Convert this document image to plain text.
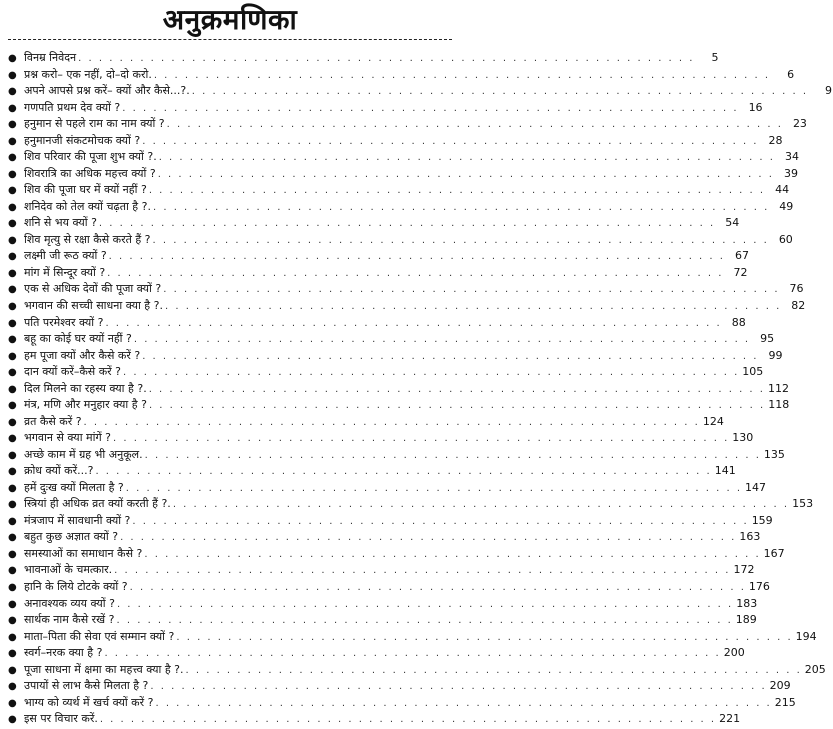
अनुक्रमणिका
● विनम्र निवेदन . . . . . . . . . . . . . . . . . . . . . . . . . . . . . . . . . . . . . . . . . . . . . . . . . . . . . . . . . . . .	5
● प्रश्न करो– एक नहीं, दो–दो करो. . . . . . . . . . . . . . . . . . . . . . . . . . . . . . . . . . . . . . . . . . . . . . . . . . . . . . . . . . . . .	6
● अपने आपसे प्रश्न करें– क्यों और कैसे...?. . . . . . . . . . . . . . . . . . . . . . . . . . . . . . . . . . . . . . . . . . . . . . . . . . . . . . . . . . . . .	9
● गणपति प्रथम देव क्यों ? . . . . . . . . . . . . . . . . . . . . . . . . . . . . . . . . . . . . . . . . . . . . . . . . . . . . . . . . . . . . 16
● हनुमान से पहले राम का नाम क्यों ? . . . . . . . . . . . . . . . . . . . . . . . . . . . . . . . . . . . . . . . . . . . . . . . . . . . . . . . . . . . . 23
● हनुमानजी संकटमोचक क्यों ? . . . . . . . . . . . . . . . . . . . . . . . . . . . . . . . . . . . . . . . . . . . . . . . . . . . . . . . . . . . . 28
● शिव परिवार की पूजा शुभ क्यों ?. . . . . . . . . . . . . . . . . . . . . . . . . . . . . . . . . . . . . . . . . . . . . . . . . . . . . . . . . . . . . 34
● शिवरात्रि का अधिक महत्त्व क्यों ? . . . . . . . . . . . . . . . . . . . . . . . . . . . . . . . . . . . . . . . . . . . . . . . . . . . . . . . . . . . . 39
● शिव की पूजा घर में क्यों नहीं ? . . . . . . . . . . . . . . . . . . . . . . . . . . . . . . . . . . . . . . . . . . . . . . . . . . . . . . . . . . . . 44
● शनिदेव को तेल क्यों चढ़ता है ?. . . . . . . . . . . . . . . . . . . . . . . . . . . . . . . . . . . . . . . . . . . . . . . . . . . . . . . . . . . . . 49
● शनि से भय क्यों ? . . . . . . . . . . . . . . . . . . . . . . . . . . . . . . . . . . . . . . . . . . . . . . . . . . . . . . . . . . . . 54
● शिव मृत्यु से रक्षा कैसे करते हैं ? . . . . . . . . . . . . . . . . . . . . . . . . . . . . . . . . . . . . . . . . . . . . . . . . . . . . . . . . . . . . 60
● लक्ष्मी जी रूठ क्यों ? . . . . . . . . . . . . . . . . . . . . . . . . . . . . . . . . . . . . . . . . . . . . . . . . . . . . . . . . . . . . 67
● मांग में सिन्दूर क्यों ? . . . . . . . . . . . . . . . . . . . . . . . . . . . . . . . . . . . . . . . . . . . . . . . . . . . . . . . . . . . . 72
● एक से अधिक देवों की पूजा क्यों ? . . . . . . . . . . . . . . . . . . . . . . . . . . . . . . . . . . . . . . . . . . . . . . . . . . . . . . . . . . . . 76
● भगवान की सच्ची साधना क्या है ?. . . . . . . . . . . . . . . . . . . . . . . . . . . . . . . . . . . . . . . . . . . . . . . . . . . . . . . . . . . . . 82
● पति परमेश्वर क्यों ? . . . . . . . . . . . . . . . . . . . . . . . . . . . . . . . . . . . . . . . . . . . . . . . . . . . . . . . . . . . . 88
● बहू का कोई घर क्यों नहीं ? . . . . . . . . . . . . . . . . . . . . . . . . . . . . . . . . . . . . . . . . . . . . . . . . . . . . . . . . . . . . 95
● हम पूजा क्यों और कैसे करें ? . . . . . . . . . . . . . . . . . . . . . . . . . . . . . . . . . . . . . . . . . . . . . . . . . . . . . . . . . . . . 99
● दान क्यों करें–कैसे करें ? . . . . . . . . . . . . . . . . . . . . . . . . . . . . . . . . . . . . . . . . . . . . . . . . . . . . . . . . . . . . 105
● दिल मिलने का रहस्य क्या है ?. . . . . . . . . . . . . . . . . . . . . . . . . . . . . . . . . . . . . . . . . . . . . . . . . . . . . . . . . . . . . 112
● मंत्र, मणि और मनुहार क्या है ? . . . . . . . . . . . . . . . . . . . . . . . . . . . . . . . . . . . . . . . . . . . . . . . . . . . . . . . . . . . . 118
● व्रत कैसे करें ? . . . . . . . . . . . . . . . . . . . . . . . . . . . . . . . . . . . . . . . . . . . . . . . . . . . . . . . . . . . . 124
● भगवान से क्या मांगें ? . . . . . . . . . . . . . . . . . . . . . . . . . . . . . . . . . . . . . . . . . . . . . . . . . . . . . . . . . . . . 130
● अच्छे काम में ग्रह भी अनुकूल. . . . . . . . . . . . . . . . . . . . . . . . . . . . . . . . . . . . . . . . . . . . . . . . . . . . . . . . . . . . . 135
● क्रोध क्यों करें...? . . . . . . . . . . . . . . . . . . . . . . . . . . . . . . . . . . . . . . . . . . . . . . . . . . . . . . . . . . . . 141
● हमें दुःख क्यों मिलता है ? . . . . . . . . . . . . . . . . . . . . . . . . . . . . . . . . . . . . . . . . . . . . . . . . . . . . . . . . . . . . 147
● स्त्रियां ही अधिक व्रत क्यों करती हैं ?. . . . . . . . . . . . . . . . . . . . . . . . . . . . . . . . . . . . . . . . . . . . . . . . . . . . . . . . . . . . . 153
● मंत्रजाप में सावधानी क्यों ? . . . . . . . . . . . . . . . . . . . . . . . . . . . . . . . . . . . . . . . . . . . . . . . . . . . . . . . . . . . . 159
● बहुत कुछ अज्ञात क्यों ? . . . . . . . . . . . . . . . . . . . . . . . . . . . . . . . . . . . . . . . . . . . . . . . . . . . . . . . . . . . . 163
● समस्याओं का समाधान कैसे ? . . . . . . . . . . . . . . . . . . . . . . . . . . . . . . . . . . . . . . . . . . . . . . . . . . . . . . . . . . . . 167
● भावनाओं के चमत्कार. . . . . . . . . . . . . . . . . . . . . . . . . . . . . . . . . . . . . . . . . . . . . . . . . . . . . . . . . . . . . 172
● हानि के लिये टोटके क्यों ? . . . . . . . . . . . . . . . . . . . . . . . . . . . . . . . . . . . . . . . . . . . . . . . . . . . . . . . . . . . . 176
● अनावश्यक व्यय क्यों ? . . . . . . . . . . . . . . . . . . . . . . . . . . . . . . . . . . . . . . . . . . . . . . . . . . . . . . . . . . . . 183
● सार्थक नाम कैसे रखें ? . . . . . . . . . . . . . . . . . . . . . . . . . . . . . . . . . . . . . . . . . . . . . . . . . . . . . . . . . . . . 189
● माता–पिता की सेवा एवं सम्मान क्यों ? . . . . . . . . . . . . . . . . . . . . . . . . . . . . . . . . . . . . . . . . . . . . . . . . . . . . . . . . . . . . 194
● स्वर्ग–नरक क्या है ? . . . . . . . . . . . . . . . . . . . . . . . . . . . . . . . . . . . . . . . . . . . . . . . . . . . . . . . . . . . . 200
● पूजा साधना में क्षमा का महत्त्व क्या है ?. . . . . . . . . . . . . . . . . . . . . . . . . . . . . . . . . . . . . . . . . . . . . . . . . . . . . . . . . . . . . 205
● उपायों से लाभ कैसे मिलता है ? . . . . . . . . . . . . . . . . . . . . . . . . . . . . . . . . . . . . . . . . . . . . . . . . . . . . . . . . . . . . 209
● भाग्य को व्यर्थ में खर्च क्यों करें ? . . . . . . . . . . . . . . . . . . . . . . . . . . . . . . . . . . . . . . . . . . . . . . . . . . . . . . . . . . . . 215
● इस पर विचार करें. . . . . . . . . . . . . . . . . . . . . . . . . . . . . . . . . . . . . . . . . . . . . . . . . . . . . . . . . . . . . 221
